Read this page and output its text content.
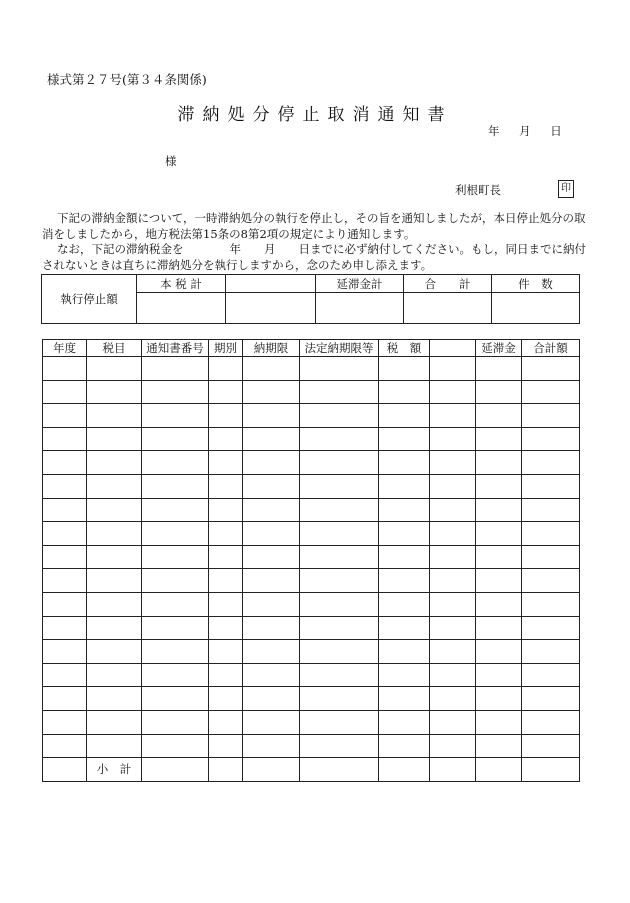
様式第２７号(第３４条関係)
滞納処分停止取消通知書
年 月 日
様
利根町長	印
下記の滞納金額について，一時滞納処分の執行を停止し，その旨を通知しましたが，本日停止処分の取消をしましたから，地方税法第15条の8第2項の規定により通知します。
なお，下記の滞納税金を　　　　年　　月　　日までに必ず納付してください。もし，同日までに納付されないときは直ちに滞納処分を執行しますから，念のため申し添えます。
執行停止額	本 税 計		延滞金計	合　　計	件　数

年度	税目	通知書番号	期別	納期限	法定納期限等	税　額		延滞金	合計額

	小　計								
